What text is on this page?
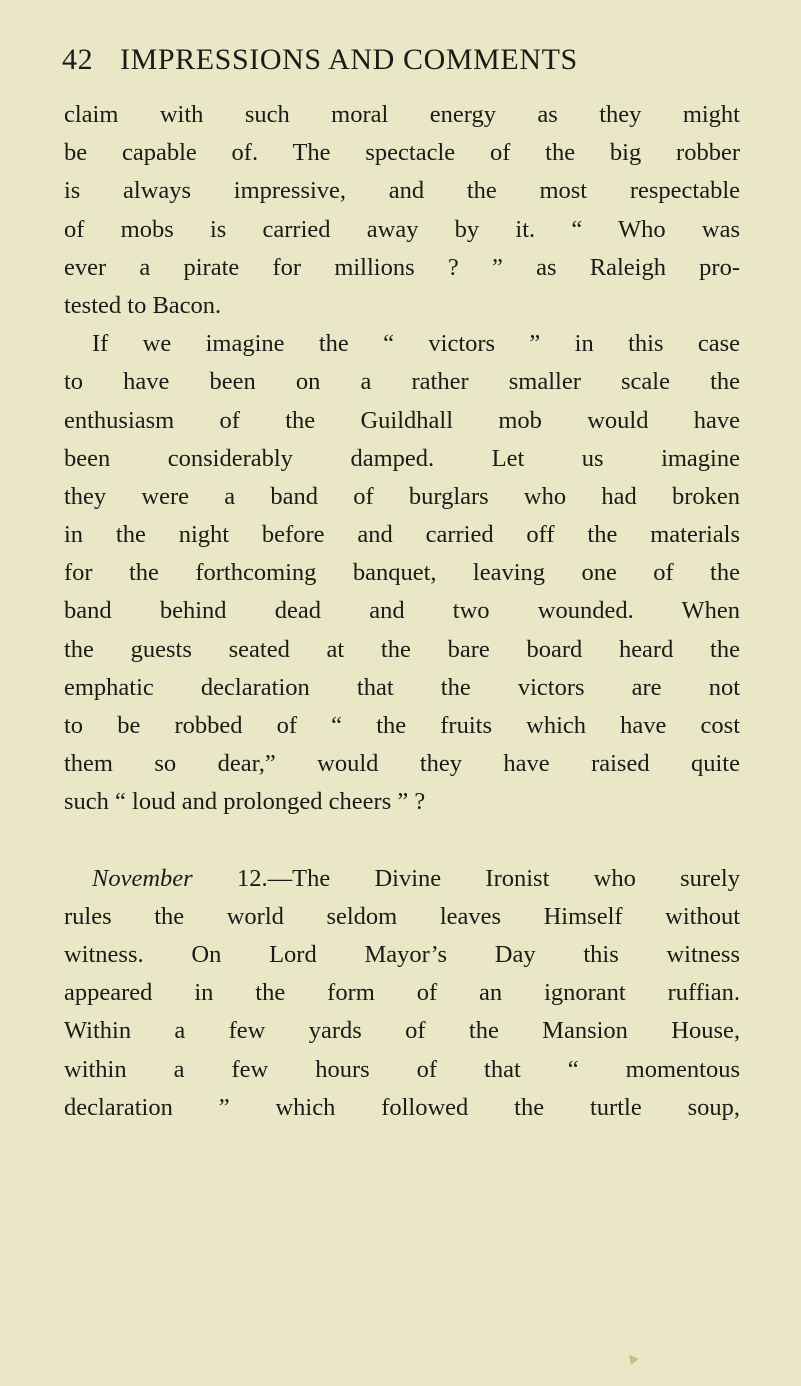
42 IMPRESSIONS AND COMMENTS
claim with such moral energy as they might
be capable of. The spectacle of the big robber
is always impressive, and the most respectable
of mobs is carried away by it. “ Who was
ever a pirate for millions ? ” as Raleigh pro-
tested to Bacon.
If we imagine the “ victors ” in this case
to have been on a rather smaller scale the
enthusiasm of the Guildhall mob would have
been considerably damped. Let us imagine
they were a band of burglars who had broken
in the night before and carried off the materials
for the forthcoming banquet, leaving one of the
band behind dead and two wounded. When
the guests seated at the bare board heard the
emphatic declaration that the victors are not
to be robbed of “ the fruits which have cost
them so dear,” would they have raised quite
such “ loud and prolonged cheers ” ?
November 12.—The Divine Ironist who surely
rules the world seldom leaves Himself without
witness. On Lord Mayor’s Day this witness
appeared in the form of an ignorant ruffian.
Within a few yards of the Mansion House,
within a few hours of that “ momentous
declaration ” which followed the turtle soup,
